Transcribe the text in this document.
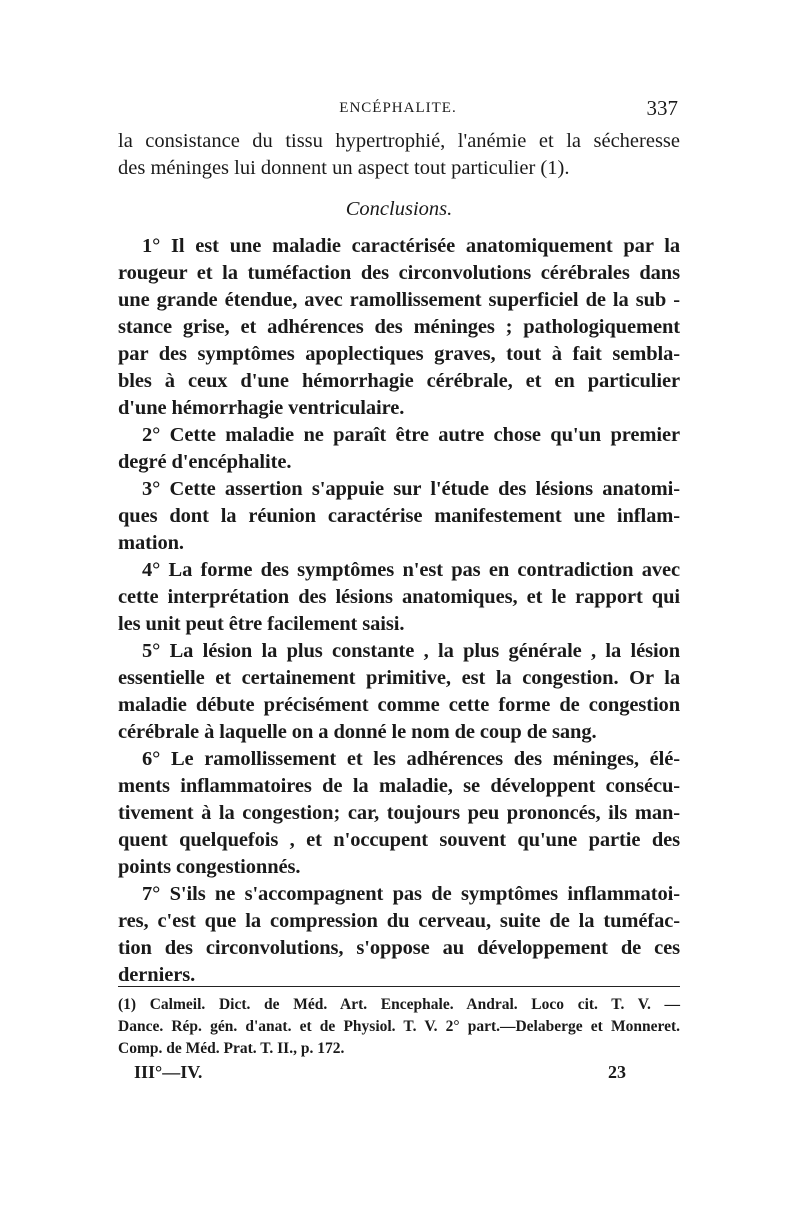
ENCÉPHALITE.	337
la consistance du tissu hypertrophié, l'anémie et la sécheresse
des méninges lui donnent un aspect tout particulier (1).
Conclusions.
1° Il est une maladie caractérisée anatomiquement par la
rougeur et la tuméfaction des circonvolutions cérébrales dans
une grande étendue, avec ramollissement superficiel de la sub -
stance grise, et adhérences des méninges ; pathologiquement
par des symptômes apoplectiques graves, tout à fait sembla-
bles à ceux d'une hémorrhagie cérébrale, et en particulier
d'une hémorrhagie ventriculaire.
2° Cette maladie ne paraît être autre chose qu'un premier
degré d'encéphalite.
3° Cette assertion s'appuie sur l'étude des lésions anatomi-
ques dont la réunion caractérise manifestement une inflam-
mation.
4° La forme des symptômes n'est pas en contradiction avec
cette interprétation des lésions anatomiques, et le rapport qui
les unit peut être facilement saisi.
5° La lésion la plus constante , la plus générale , la lésion
essentielle et certainement primitive, est la congestion. Or la
maladie débute précisément comme cette forme de congestion
cérébrale à laquelle on a donné le nom de coup de sang.
6° Le ramollissement et les adhérences des méninges, élé-
ments inflammatoires de la maladie, se développent consécu-
tivement à la congestion; car, toujours peu prononcés, ils man-
quent quelquefois , et n'occupent souvent qu'une partie des
points congestionnés.
7° S'ils ne s'accompagnent pas de symptômes inflammatoi-
res, c'est que la compression du cerveau, suite de la tuméfac-
tion des circonvolutions, s'oppose au développement de ces
derniers.
(1) Calmeil. Dict. de Méd. Art. Encephale. Andral. Loco cit. T. V. —
Dance. Rép. gén. d'anat. et de Physiol. T. V. 2° part.—Delaberge et Monneret.
Comp. de Méd. Prat. T. II., p. 172.
III°—IV.	23
